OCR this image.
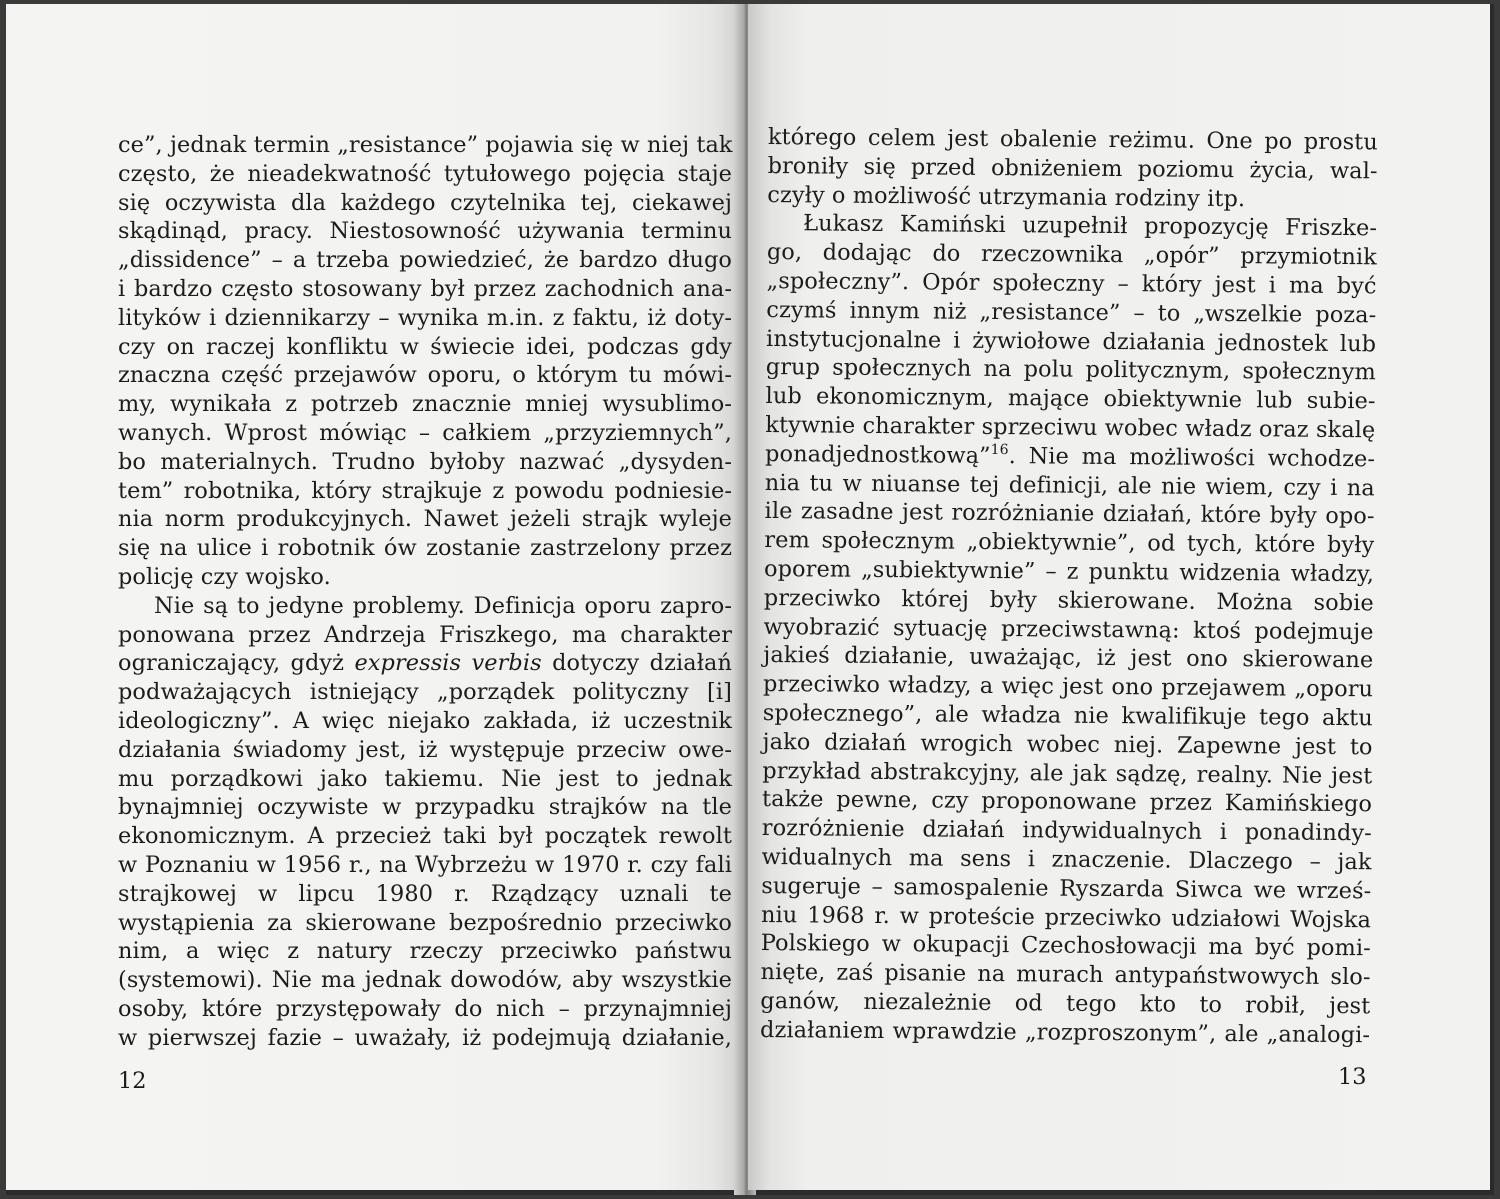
ce”, jednak termin „resistance” pojawia się w niej tak
często, że nieadekwatność tytułowego pojęcia staje
się oczywista dla każdego czytelnika tej, ciekawej
skądinąd, pracy. Niestosowność używania terminu
„dissidence” – a trzeba powiedzieć, że bardzo długo
i bardzo często stosowany był przez zachodnich ana-
lityków i dziennikarzy – wynika m.in. z faktu, iż doty-
czy on raczej konfliktu w świecie idei, podczas gdy
znaczna część przejawów oporu, o którym tu mówi-
my, wynikała z potrzeb znacznie mniej wysublimo-
wanych. Wprost mówiąc – całkiem „przyziemnych”,
bo materialnych. Trudno byłoby nazwać „dysyden-
tem” robotnika, który strajkuje z powodu podniesie-
nia norm produkcyjnych. Nawet jeżeli strajk wyleje
się na ulice i robotnik ów zostanie zastrzelony przez
policję czy wojsko.
Nie są to jedyne problemy. Definicja oporu zapro-
ponowana przez Andrzeja Friszkego, ma charakter
ograniczający, gdyż expressis verbis dotyczy działań
podważających istniejący „porządek polityczny [i]
ideologiczny”. A więc niejako zakłada, iż uczestnik
działania świadomy jest, iż występuje przeciw owe-
mu porządkowi jako takiemu. Nie jest to jednak
bynajmniej oczywiste w przypadku strajków na tle
ekonomicznym. A przecież taki był początek rewolt
w Poznaniu w 1956 r., na Wybrzeżu w 1970 r. czy fali
strajkowej w lipcu 1980 r. Rządzący uznali te
wystąpienia za skierowane bezpośrednio przeciwko
nim, a więc z natury rzeczy przeciwko państwu
(systemowi). Nie ma jednak dowodów, aby wszystkie
osoby, które przystępowały do nich – przynajmniej
w pierwszej fazie – uważały, iż podejmują działanie,
12
którego celem jest obalenie reżimu. One po prostu
broniły się przed obniżeniem poziomu życia, wal-
czyły o możliwość utrzymania rodziny itp.
Łukasz Kamiński uzupełnił propozycję Friszke-
go, dodając do rzeczownika „opór” przymiotnik
„społeczny”. Opór społeczny – który jest i ma być
czymś innym niż „resistance” – to „wszelkie poza-
instytucjonalne i żywiołowe działania jednostek lub
grup społecznych na polu politycznym, społecznym
lub ekonomicznym, mające obiektywnie lub subie-
ktywnie charakter sprzeciwu wobec władz oraz skalę
ponadjednostkową”$^{16}$. Nie ma możliwości wchodze-
nia tu w niuanse tej definicji, ale nie wiem, czy i na
ile zasadne jest rozróżnianie działań, które były opo-
rem społecznym „obiektywnie”, od tych, które były
oporem „subiektywnie” – z punktu widzenia władzy,
przeciwko której były skierowane. Można sobie
wyobrazić sytuację przeciwstawną: ktoś podejmuje
jakieś działanie, uważając, iż jest ono skierowane
przeciwko władzy, a więc jest ono przejawem „oporu
społecznego”, ale władza nie kwalifikuje tego aktu
jako działań wrogich wobec niej. Zapewne jest to
przykład abstrakcyjny, ale jak sądzę, realny. Nie jest
także pewne, czy proponowane przez Kamińskiego
rozróżnienie działań indywidualnych i ponadindy-
widualnych ma sens i znaczenie. Dlaczego – jak
sugeruje – samospalenie Ryszarda Siwca we wrześ-
niu 1968 r. w proteście przeciwko udziałowi Wojska
Polskiego w okupacji Czechosłowacji ma być pomi-
nięte, zaś pisanie na murach antypaństwowych slo-
ganów, niezależnie od tego kto to robił, jest
działaniem wprawdzie „rozproszonym”, ale „analogi-
13
